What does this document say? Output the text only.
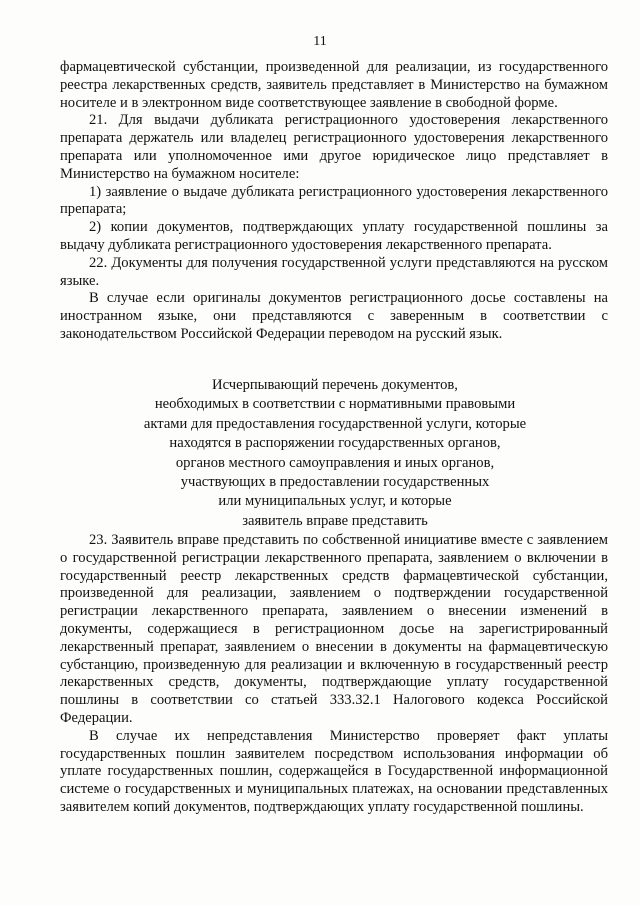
11

фармацевтической субстанции, произведенной для реализации, из государственного реестра лекарственных средств, заявитель представляет в Министерство на бумажном носителе и в электронном виде соответствующее заявление в свободной форме.

21. Для выдачи дубликата регистрационного удостоверения лекарственного препарата держатель или владелец регистрационного удостоверения лекарственного препарата или уполномоченное ими другое юридическое лицо представляет в Министерство на бумажном носителе:

1) заявление о выдаче дубликата регистрационного удостоверения лекарственного препарата;

2) копии документов, подтверждающих уплату государственной пошлины за выдачу дубликата регистрационного удостоверения лекарственного препарата.

22. Документы для получения государственной услуги представляются на русском языке.

В случае если оригиналы документов регистрационного досье составлены на иностранном языке, они представляются с заверенным в соответствии с законодательством Российской Федерации переводом на русский язык.

Исчерпывающий перечень документов,
необходимых в соответствии с нормативными правовыми
актами для предоставления государственной услуги, которые
находятся в распоряжении государственных органов,
органов местного самоуправления и иных органов,
участвующих в предоставлении государственных
или муниципальных услуг, и которые
заявитель вправе представить

23. Заявитель вправе представить по собственной инициативе вместе с заявлением о государственной регистрации лекарственного препарата, заявлением о включении в государственный реестр лекарственных средств фармацевтической субстанции, произведенной для реализации, заявлением о подтверждении государственной регистрации лекарственного препарата, заявлением о внесении изменений в документы, содержащиеся в регистрационном досье на зарегистрированный лекарственный препарат, заявлением о внесении в документы на фармацевтическую субстанцию, произведенную для реализации и включенную в государственный реестр лекарственных средств, документы, подтверждающие уплату государственной пошлины в соответствии со статьей 333.32.1 Налогового кодекса Российской Федерации.

В случае их непредставления Министерство проверяет факт уплаты государственных пошлин заявителем посредством использования информации об уплате государственных пошлин, содержащейся в Государственной информационной системе о государственных и муниципальных платежах, на основании представленных заявителем копий документов, подтверждающих уплату государственной пошлины.
